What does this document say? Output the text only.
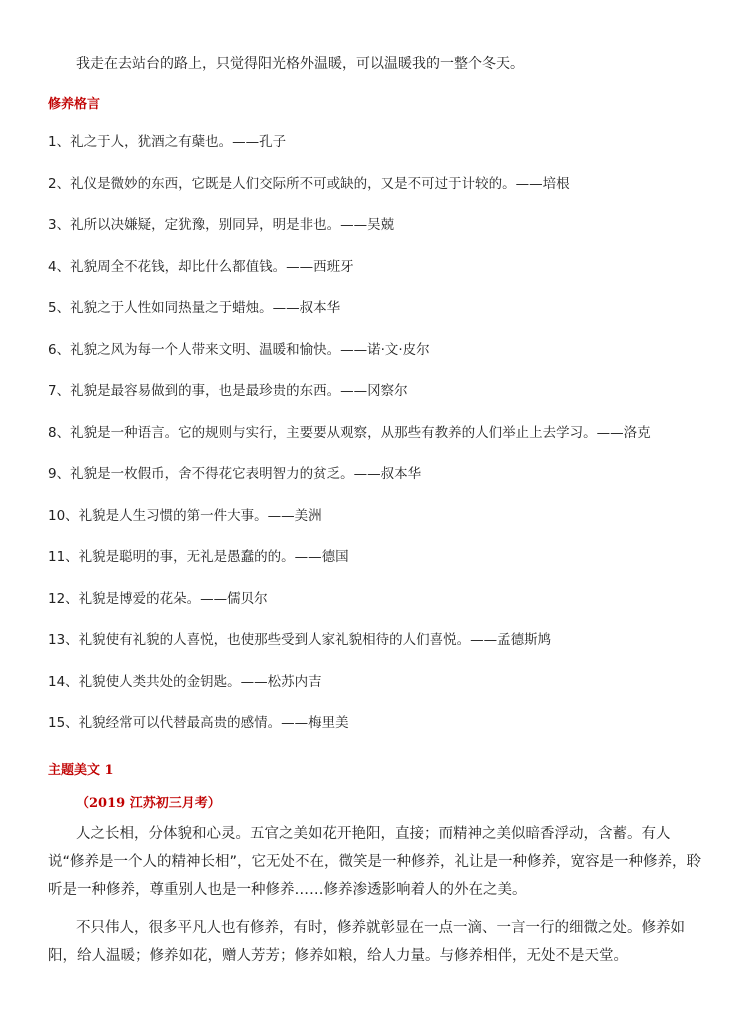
我走在去站台的路上，只觉得阳光格外温暖，可以温暖我的一整个冬天。
修养格言
1、礼之于人，犹酒之有蘖也。——孔子
2、礼仪是微妙的东西，它既是人们交际所不可或缺的，又是不可过于计较的。——培根
3、礼所以决嫌疑，定犹豫，别同异，明是非也。——吴兢
4、礼貌周全不花钱，却比什么都值钱。——西班牙
5、礼貌之于人性如同热量之于蜡烛。——叔本华
6、礼貌之风为每一个人带来文明、温暖和愉快。——诺·文·皮尔
7、礼貌是最容易做到的事，也是最珍贵的东西。——冈察尔
8、礼貌是一种语言。它的规则与实行，主要要从观察，从那些有教养的人们举止上去学习。——洛克
9、礼貌是一枚假币，舍不得花它表明智力的贫乏。——叔本华
10、礼貌是人生习惯的第一件大事。——美洲
11、礼貌是聪明的事，无礼是愚蠢的的。——德国
12、礼貌是博爱的花朵。——儒贝尔
13、礼貌使有礼貌的人喜悦，也使那些受到人家礼貌相待的人们喜悦。——孟德斯鸠
14、礼貌使人类共处的金钥匙。——松苏内吉
15、礼貌经常可以代替最高贵的感情。——梅里美
主题美文 1
（2019 江苏初三月考）

人之长相，分体貌和心灵。五官之美如花开艳阳，直接；而精神之美似暗香浮动，含蓄。有人说“修养是一个人的精神长相”，它无处不在，微笑是一种修养，礼让是一种修养，宽容是一种修养，聆听是一种修养，尊重别人也是一种修养……修养渗透影响着人的外在之美。

不只伟人，很多平凡人也有修养，有时，修养就彰显在一点一滴、一言一行的细微之处。修养如阳，给人温暖；修养如花，赠人芳芳；修养如粮，给人力量。与修养相伴，无处不是天堂。
